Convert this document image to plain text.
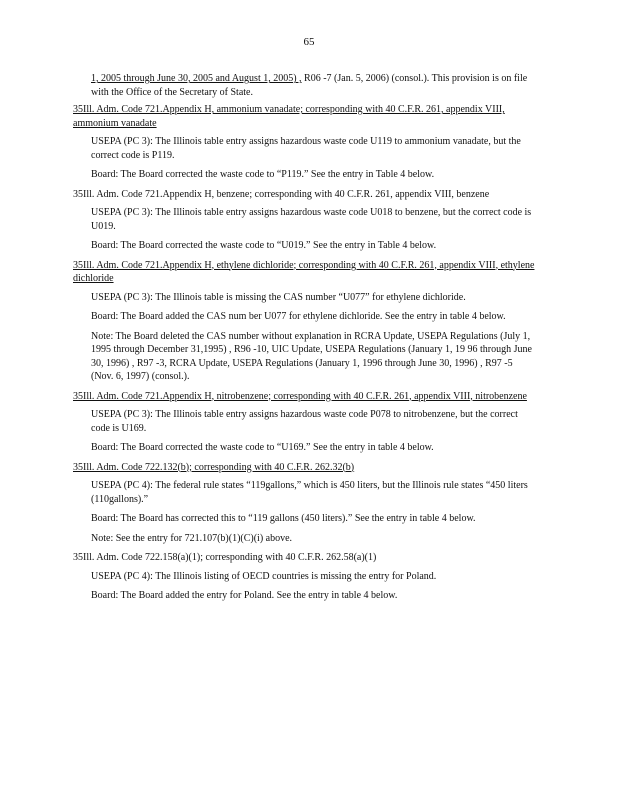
65

1, 2005 through June 30, 2005 and August 1, 2005) , R06 -7 (Jan. 5, 2006) (consol.). This provision is on file with the Office of the Secretary of State.

35Ill. Adm. Code 721.Appendix H, ammonium vanadate; corresponding with 40 C.F.R. 261, appendix VIII, ammonium vanadate

USEPA (PC 3): The Illinois table entry assigns hazardous waste code U119 to ammonium vanadate, but the correct code is P119.

Board: The Board corrected the waste code to “P119.” See the entry in Table 4 below.

35Ill. Adm. Code 721.Appendix H, benzene; corresponding with 40 C.F.R. 261, appendix VIII, benzene

USEPA (PC 3): The Illinois table entry assigns hazardous waste code U018 to benzene, but the correct code is U019.

Board: The Board corrected the waste code to “U019.” See the entry in Table 4 below.

35Ill. Adm. Code 721.Appendix H, ethylene dichloride; corresponding with 40 C.F.R. 261, appendix VIII, ethylene dichloride

USEPA (PC 3): The Illinois table is missing the CAS number “U077” for ethylene dichloride.

Board: The Board added the CAS num ber U077 for ethylene dichloride. See the entry in table 4 below.

Note: The Board deleted the CAS number without explanation in RCRA Update, USEPA Regulations (July 1, 1995 through December 31,1995) , R96 -10, UIC Update, USEPA Regulations (January 1, 19 96 through June 30, 1996) , R97 -3, RCRA Update, USEPA Regulations (January 1, 1996 through June 30, 1996) , R97 -5 (Nov. 6, 1997) (consol.).

35Ill. Adm. Code 721.Appendix H, nitrobenzene; corresponding with 40 C.F.R. 261, appendix VIII, nitrobenzene

USEPA (PC 3): The Illinois table entry assigns hazardous waste code P078 to nitrobenzene, but the correct code is U169.

Board: The Board corrected the waste code to “U169.” See the entry in table 4 below.

35Ill. Adm. Code 722.132(b); corresponding with 40 C.F.R. 262.32(b)

USEPA (PC 4): The federal rule states “119gallons,” which is 450 liters, but the Illinois rule states “450 liters (110gallons).”

Board: The Board has corrected this to “119 gallons (450 liters).” See the entry in table 4 below.

Note: See the entry for 721.107(b)(1)(C)(i) above.

35Ill. Adm. Code 722.158(a)(1); corresponding with 40 C.F.R. 262.58(a)(1)

USEPA (PC 4): The Illinois listing of OECD countries is missing the entry for Poland.

Board: The Board added the entry for Poland. See the entry in table 4 below.
